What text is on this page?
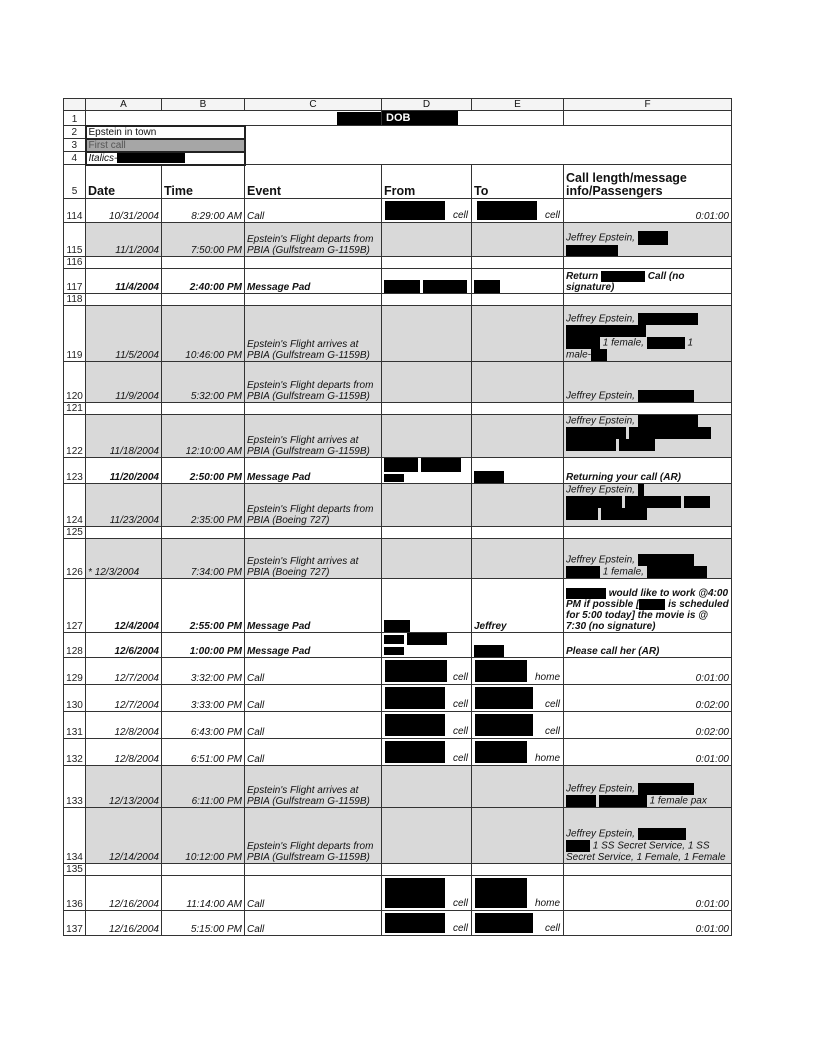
	A	B	C	D	E	F
1				DOB		
2	Epstein in town					
3	First call					
4	Italics-					
5	Date	Time	Event	From	To	Call length/message info/Passengers
114	10/31/2004	8:29:00 AM	Call	cell	cell	0:01:00
115	11/1/2004	7:50:00 PM	Epstein's Flight departs from PBIA (Gulfstream G-1159B)			Jeffrey Epstein,

116						
117	11/4/2004	2:40:00 PM	Message Pad			Return Call (no signature)
118						
119	11/5/2004	10:46:00 PM	Epstein's Flight arrives at PBIA (Gulfstream G-1159B)			Jeffrey Epstein,

1 female, 1
male-
120	11/9/2004	5:32:00 PM	Epstein's Flight departs from PBIA (Gulfstream G-1159B)			Jeffrey Epstein,
121						
122	11/18/2004	12:10:00 AM	Epstein's Flight arrives at PBIA (Gulfstream G-1159B)			Jeffrey Epstein,

123	11/20/2004	2:50:00 PM	Message Pad			Returning your call (AR)
124	11/23/2004	2:35:00 PM	Epstein's Flight departs from PBIA (Boeing 727)			Jeffrey Epstein,

125						
126	* 12/3/2004	7:34:00 PM	Epstein's Flight arrives at PBIA (Boeing 727)			Jeffrey Epstein,
1 female,
127	12/4/2004	2:55:00 PM	Message Pad		Jeffrey	would like to work @4:00 PM if possible [ is scheduled for 5:00 today] the movie is @ 7:30 (no signature)
128	12/6/2004	1:00:00 PM	Message Pad			Please call her (AR)
129	12/7/2004	3:32:00 PM	Call	cell	home	0:01:00
130	12/7/2004	3:33:00 PM	Call	cell	cell	0:02:00
131	12/8/2004	6:43:00 PM	Call	cell	cell	0:02:00
132	12/8/2004	6:51:00 PM	Call	cell	home	0:01:00
133	12/13/2004	6:11:00 PM	Epstein's Flight arrives at PBIA (Gulfstream G-1159B)			Jeffrey Epstein,
1 female pax
134	12/14/2004	10:12:00 PM	Epstein's Flight departs from PBIA (Gulfstream G-1159B)			Jeffrey Epstein,
1 SS Secret Service, 1 SS Secret Service, 1 Female, 1 Female
135						
136	12/16/2004	11:14:00 AM	Call	cell	home	0:01:00
137	12/16/2004	5:15:00 PM	Call	cell	cell	0:01:00
